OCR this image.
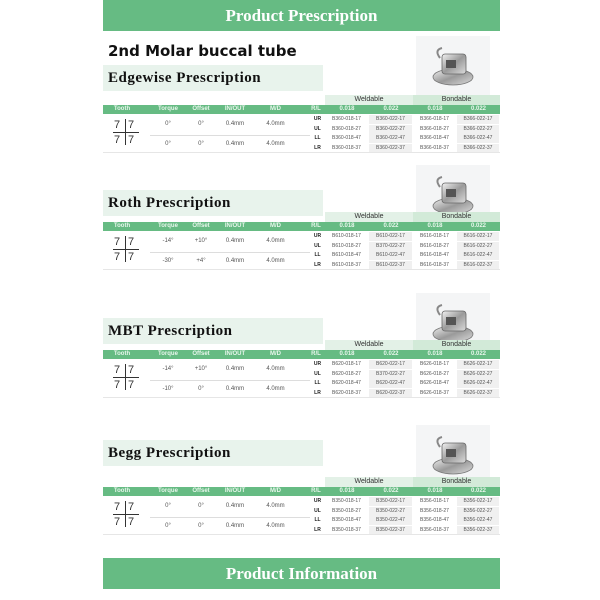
Product Prescription
2nd Molar buccal tube
Edgewise Prescription
Weldable	Bondable
Tooth	Torque	Offset	IN/OUT	M/D	R/L	0.018	0.022	0.018	0.022
7 7
7 7
0°	0°	0.4mm	4.0mm
0°	0°	0.4mm	4.0mm
UR	B360-018-17	B360-022-17	B366-018-17	B366-022-17
UL	B360-018-27	B360-022-27	B366-018-27	B366-022-27
LL	B360-018-47	B360-022-47	B366-018-47	B366-022-47
LR	B360-018-37	B360-022-37	B366-018-37	B366-022-37
Roth Prescription
Weldable	Bondable
Tooth	Torque	Offset	IN/OUT	M/D	R/L	0.018	0.022	0.018	0.022
7 7
7 7
-14°	+10°	0.4mm	4.0mm
-30°	+4°	0.4mm	4.0mm
UR	B610-018-17	B610-022-17	B616-018-17	B616-022-17
UL	B610-018-27	B370-022-27	B616-018-27	B616-022-27
LL	B610-018-47	B610-022-47	B616-018-47	B616-022-47
LR	B610-018-37	B610-022-37	B616-018-37	B616-022-37
MBT Prescription
Weldable	Bondable
Tooth	Torque	Offset	IN/OUT	M/D	R/L	0.018	0.022	0.018	0.022
7 7
7 7
-14°	+10°	0.4mm	4.0mm
-10°	0°	0.4mm	4.0mm
UR	B620-018-17	B620-022-17	B626-018-17	B626-022-17
UL	B620-018-27	B370-022-27	B626-018-27	B626-022-27
LL	B620-018-47	B620-022-47	B626-018-47	B626-022-47
LR	B620-018-37	B620-022-37	B626-018-37	B626-022-37
Begg Prescription
Weldable	Bondable
Tooth	Torque	Offset	IN/OUT	M/D	R/L	0.018	0.022	0.018	0.022
7 7
7 7
0°	0°	0.4mm	4.0mm
0°	0°	0.4mm	4.0mm
UR	B350-018-17	B350-022-17	B356-018-17	B356-022-17
UL	B350-018-27	B350-022-27	B356-018-27	B356-022-27
LL	B350-018-47	B350-022-47	B356-018-47	B356-022-47
LR	B350-018-37	B350-022-37	B356-018-37	B356-022-37
Product Information
